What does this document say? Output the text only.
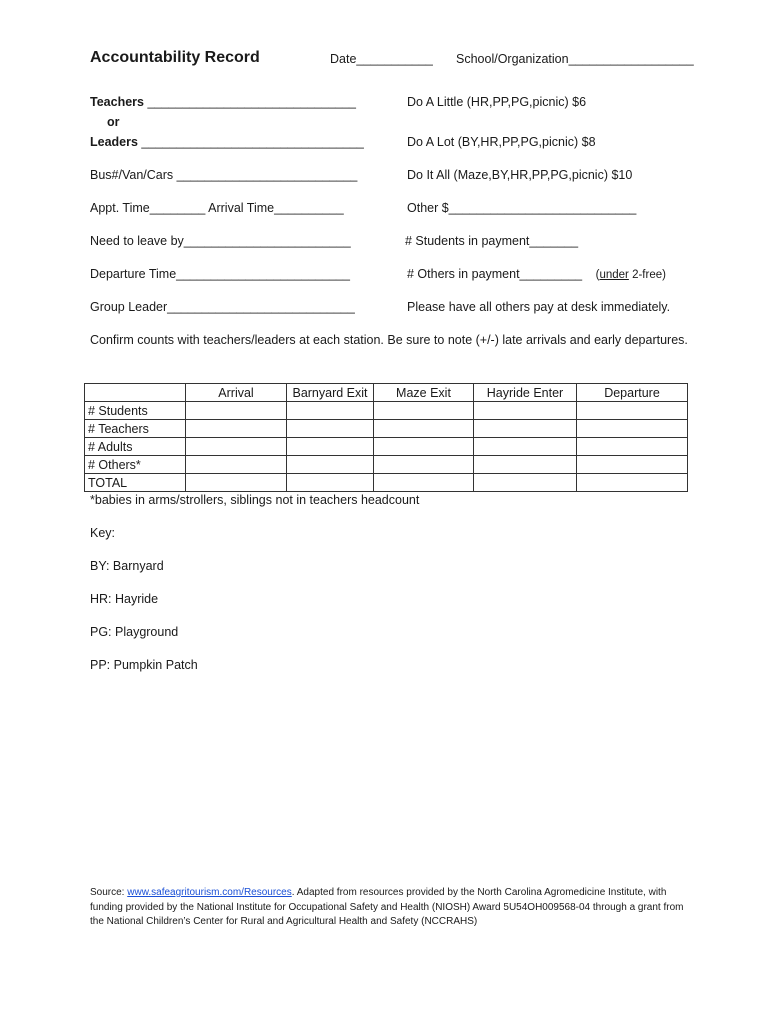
Accountability Record	Date___________ School/Organization__________________
Teachers ______________________________
or
Leaders ________________________________
Bus#/Van/Cars __________________________
Appt. Time________ Arrival Time__________
Need to leave by________________________
Departure Time_________________________
Group Leader___________________________
Do A Little (HR,PP,PG,picnic) $6
Do A Lot (BY,HR,PP,PG,picnic) $8
Do It All (Maze,BY,HR,PP,PG,picnic) $10
Other $___________________________
# Students in payment_______
# Others in payment_________ (under 2-free)
Please have all others pay at desk immediately.
Confirm counts with teachers/leaders at each station. Be sure to note (+/-) late arrivals and early departures.
	Arrival	Barnyard Exit	Maze Exit	Hayride Enter	Departure
# Students					
# Teachers					
# Adults					
# Others*					
TOTAL					
*babies in arms/strollers, siblings not in teachers headcount
Key:
BY: Barnyard
HR: Hayride
PG: Playground
PP: Pumpkin Patch
Source: www.safeagritourism.com/Resources. Adapted from resources provided by the North Carolina Agromedicine Institute, with funding provided by the National Institute for Occupational Safety and Health (NIOSH) Award 5U54OH009568-04 through a grant from the National Children’s Center for Rural and Agricultural Health and Safety (NCCRAHS)
